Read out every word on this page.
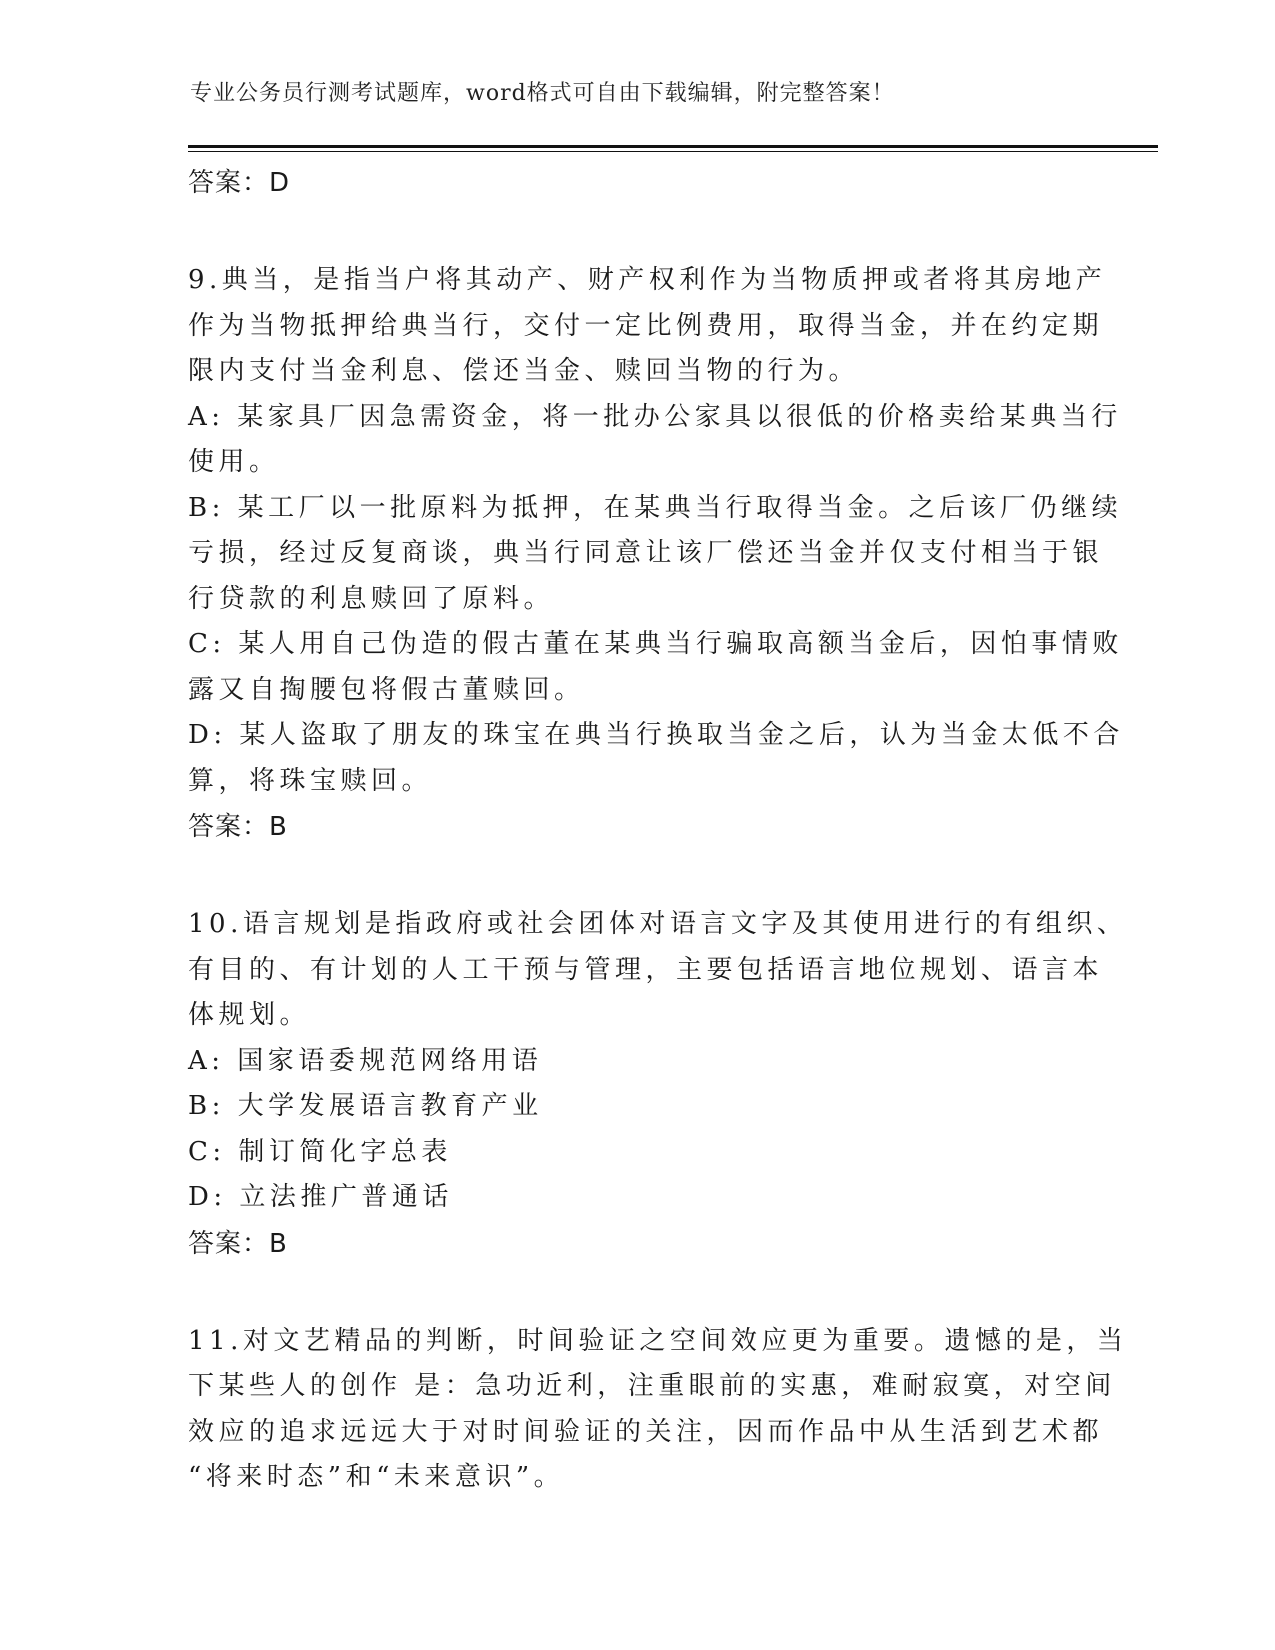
专业公务员行测考试题库，word格式可自由下载编辑，附完整答案！
答案：D

9.典当，是指当户将其动产、财产权利作为当物质押或者将其房地产
作为当物抵押给典当行，交付一定比例费用，取得当金，并在约定期
限内支付当金利息、偿还当金、赎回当物的行为。

A: 某家具厂因急需资金，将一批办公家具以很低的价格卖给某典当行
使用。

B: 某工厂以一批原料为抵押，在某典当行取得当金。之后该厂仍继续
亏损，经过反复商谈，典当行同意让该厂偿还当金并仅支付相当于银
行贷款的利息赎回了原料。

C: 某人用自己伪造的假古董在某典当行骗取高额当金后，因怕事情败
露又自掏腰包将假古董赎回。

D: 某人盗取了朋友的珠宝在典当行换取当金之后，认为当金太低不合
算，将珠宝赎回。

答案：B

10.语言规划是指政府或社会团体对语言文字及其使用进行的有组织、
有目的、有计划的人工干预与管理，主要包括语言地位规划、语言本
体规划。

A: 国家语委规范网络用语

B: 大学发展语言教育产业

C: 制订简化字总表

D: 立法推广普通话

答案：B

11.对文艺精品的判断，时间验证之空间效应更为重要。遗憾的是，当
下某些人的创作 是：急功近利，注重眼前的实惠，难耐寂寞，对空间
效应的追求远远大于对时间验证的关注，因而作品中从生活到艺术都
“将来时态”和“未来意识”。
